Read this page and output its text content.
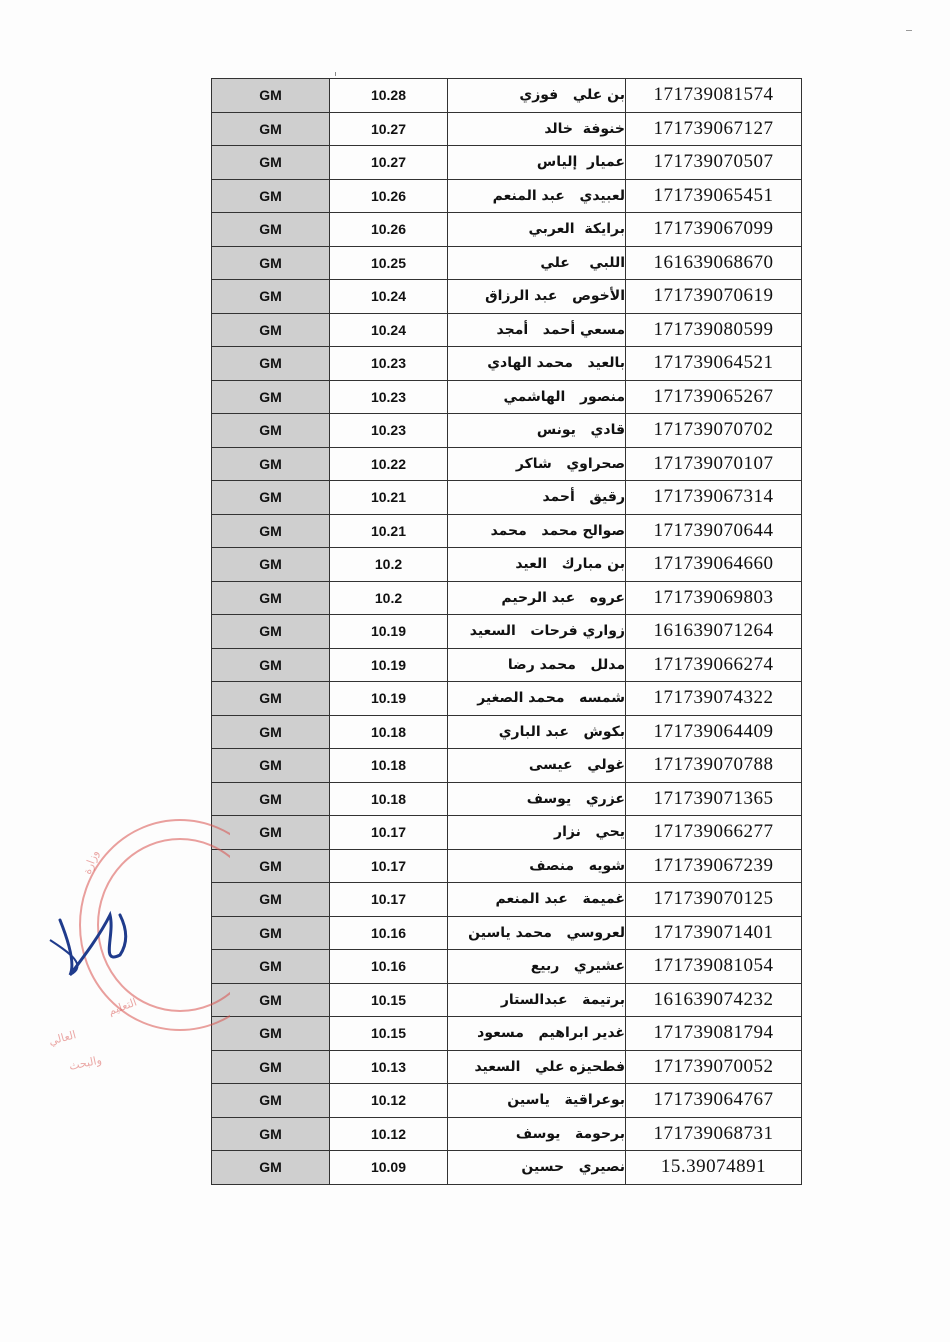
GM	10.28	بن علي   فوزي	171739081574
GM	10.27	خنوفة  خالد	171739067127
GM	10.27	عميار  إلياس	171739070507
GM	10.26	لعبيدي   عبد المنعم	171739065451
GM	10.26	برايكة  العربي	171739067099
GM	10.25	اللبي    علي	161639068670
GM	10.24	الأخوص   عبد الرزاق	171739070619
GM	10.24	مسعي أحمد   أمجد	171739080599
GM	10.23	بالعيد   محمد الهادي	171739064521
GM	10.23	منصور   الهاشمي	171739065267
GM	10.23	قادي   يونس	171739070702
GM	10.22	صحراوي   شاكر	171739070107
GM	10.21	رقيق   أحمد	171739067314
GM	10.21	صوالح محمد   محمد	171739070644
GM	10.2	بن مبارك   العيد	171739064660
GM	10.2	عروه   عبد الرحيم	171739069803
GM	10.19	زواري فرحات   السعيد	161639071264
GM	10.19	مدلل   محمد رضا	171739066274
GM	10.19	شمسه   محمد الصغير	171739074322
GM	10.18	بكوش   عبد الباري	171739064409
GM	10.18	غولي   عيسى	171739070788
GM	10.18	عزري   يوسف	171739071365
GM	10.17	يحي   نزار	171739066277
GM	10.17	شويه   منصف	171739067239
GM	10.17	غميمة   عبد المنعم	171739070125
GM	10.16	لعروسي   محمد ياسين	171739071401
GM	10.16	عشيري   ربيع	171739081054
GM	10.15	برتيمة   عبدالستار	161639074232
GM	10.15	غدير ابراهيم   مسعود	171739081794
GM	10.13	فطحيزه علي   السعيد	171739070052
GM	10.12	بوعراقية   ياسين	171739064767
GM	10.12	برحومة   يوسف	171739068731
GM	10.09	نصيري   حسين	15.39074891
وزارة
التعليم
العالي
والبحث
